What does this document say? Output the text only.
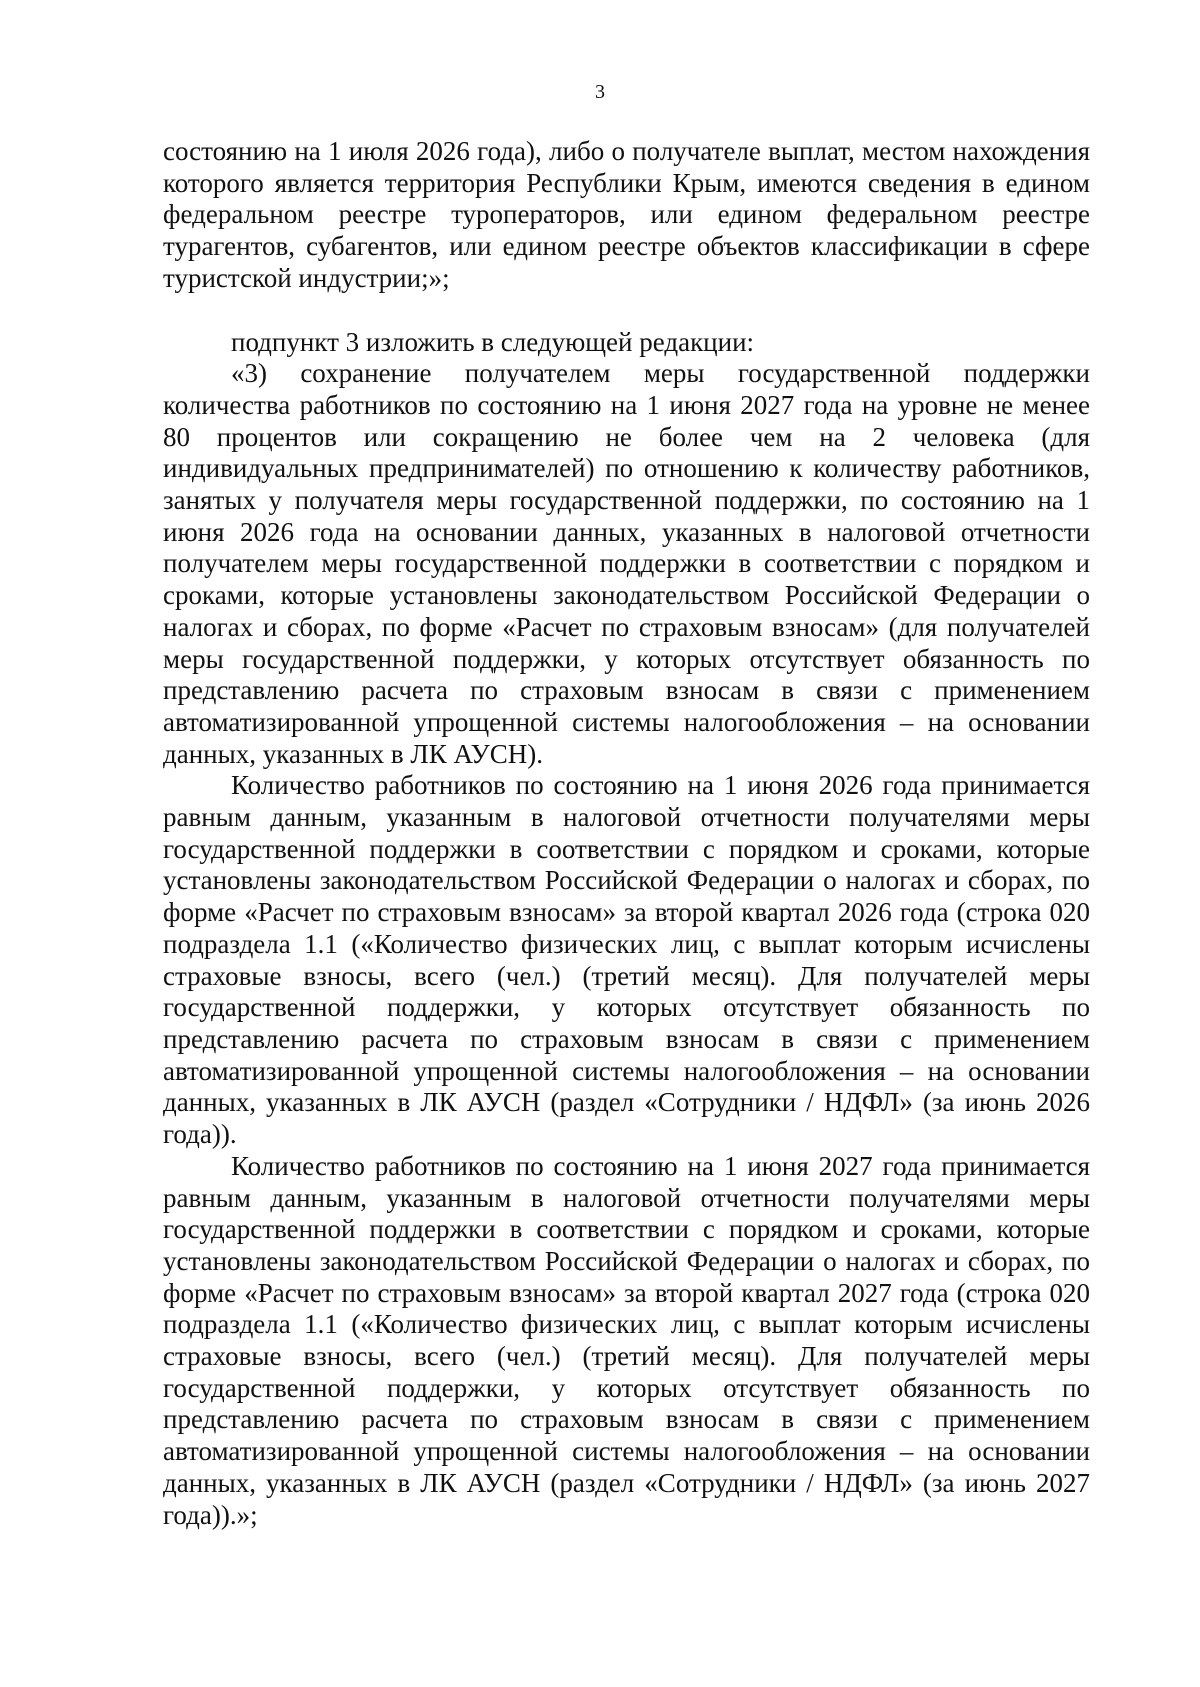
3

состоянию на 1 июля 2026 года), либо о получателе выплат, местом нахождения которого является территория Республики Крым, имеются сведения в едином федеральном реестре туроператоров, или едином федеральном реестре турагентов, субагентов, или едином реестре объектов классификации в сфере туристской индустрии;»;

подпункт 3 изложить в следующей редакции:

«3) сохранение получателем меры государственной поддержки количества работников по состоянию на 1 июня 2027 года на уровне не менее 80 процентов или сокращению не более чем на 2 человека (для индивидуальных предпринимателей) по отношению к количеству работников, занятых у получателя меры государственной поддержки, по состоянию на 1 июня 2026 года на основании данных, указанных в налоговой отчетности получателем меры государственной поддержки в соответствии с порядком и сроками, которые установлены законодательством Российской Федерации о налогах и сборах, по форме «Расчет по страховым взносам» (для получателей меры государственной поддержки, у которых отсутствует обязанность по представлению расчета по страховым взносам в связи с применением автоматизированной упрощенной системы налогообложения – на основании данных, указанных в ЛК АУСН).

Количество работников по состоянию на 1 июня 2026 года принимается равным данным, указанным в налоговой отчетности получателями меры государственной поддержки в соответствии с порядком и сроками, которые установлены законодательством Российской Федерации о налогах и сборах, по форме «Расчет по страховым взносам» за второй квартал 2026 года (строка 020 подраздела 1.1 («Количество физических лиц, с выплат которым исчислены страховые взносы, всего (чел.) (третий месяц). Для получателей меры государственной поддержки, у которых отсутствует обязанность по представлению расчета по страховым взносам в связи с применением автоматизированной упрощенной системы налогообложения – на основании данных, указанных в ЛК АУСН (раздел «Сотрудники / НДФЛ» (за июнь 2026 года)).

Количество работников по состоянию на 1 июня 2027 года принимается равным данным, указанным в налоговой отчетности получателями меры государственной поддержки в соответствии с порядком и сроками, которые установлены законодательством Российской Федерации о налогах и сборах, по форме «Расчет по страховым взносам» за второй квартал 2027 года (строка 020 подраздела 1.1 («Количество физических лиц, с выплат которым исчислены страховые взносы, всего (чел.) (третий месяц). Для получателей меры государственной поддержки, у которых отсутствует обязанность по представлению расчета по страховым взносам в связи с применением автоматизированной упрощенной системы налогообложения – на основании данных, указанных в ЛК АУСН (раздел «Сотрудники / НДФЛ» (за июнь 2027 года)).»;
